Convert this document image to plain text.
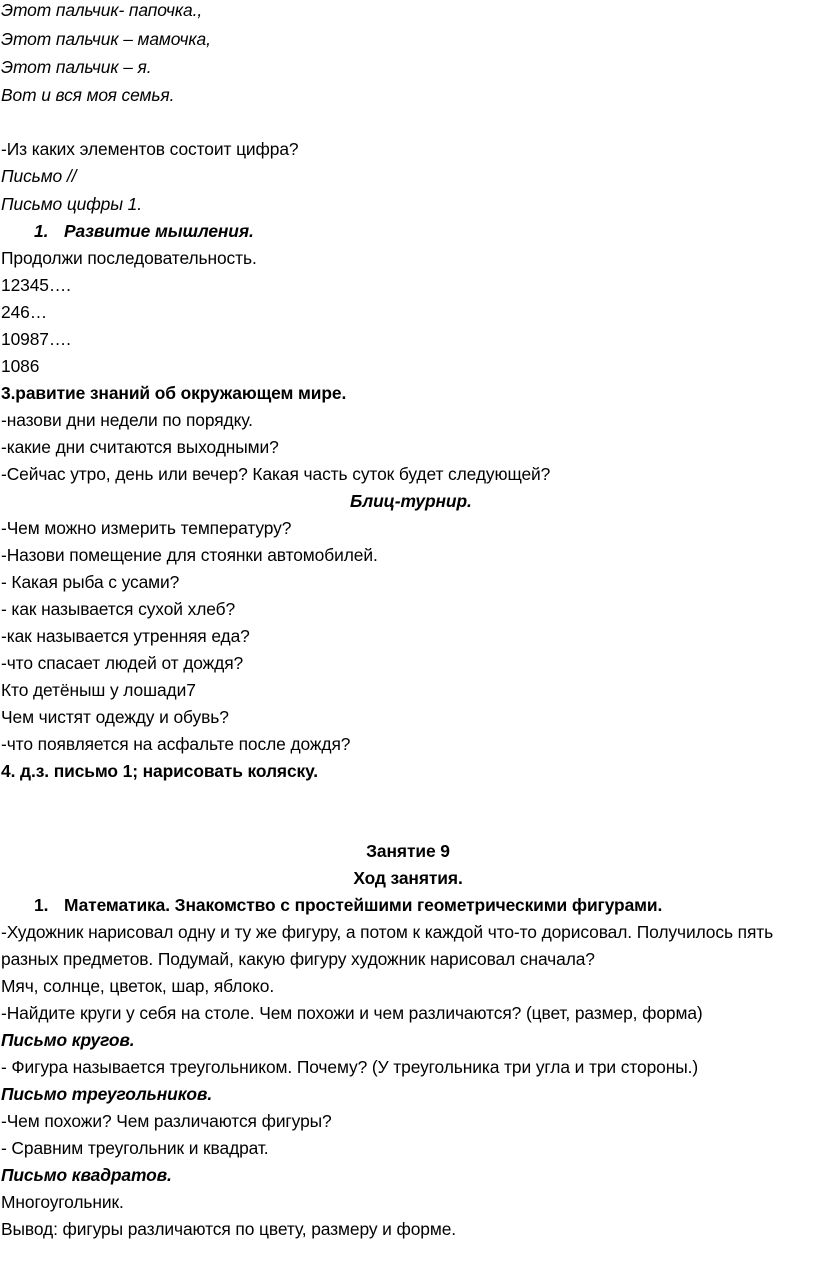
Этот пальчик- папочка.,
Этот пальчик – мамочка,
Этот пальчик – я.
Вот и вся моя семья.
-Из каких элементов состоит цифра?
Письмо //
Письмо цифры 1.
1. Развитие мышления.
Продолжи последовательность.
12345….
246…
10987….
1086
3.равитие знаний об окружающем мире.
-назови дни недели по порядку.
-какие дни считаются выходными?
-Сейчас утро, день или вечер? Какая часть суток будет следующей?
Блиц-турнир.
-Чем можно измерить температуру?
-Назови помещение для стоянки автомобилей.
- Какая рыба с усами?
- как называется сухой хлеб?
-как называется утренняя еда?
-что спасает людей от дождя?
Кто детёныш у лошади7
Чем чистят одежду и обувь?
-что появляется на асфальте после дождя?
4. д.з. письмо 1; нарисовать коляску.
Занятие 9
Ход занятия.
1. Математика. Знакомство с простейшими геометрическими фигурами.
-Художник нарисовал одну и ту же фигуру, а потом к каждой что-то дорисовал. Получилось пять
разных предметов. Подумай, какую фигуру художник нарисовал сначала?
Мяч, солнце, цветок, шар, яблоко.
-Найдите круги у себя на столе. Чем похожи и чем различаются? (цвет, размер, форма)
Письмо кругов.
- Фигура называется треугольником. Почему? (У треугольника три угла и три стороны.)
Письмо треугольников.
-Чем похожи? Чем различаются фигуры?
- Сравним треугольник и квадрат.
Письмо квадратов.
Многоугольник.
Вывод: фигуры различаются по цвету, размеру и форме.
